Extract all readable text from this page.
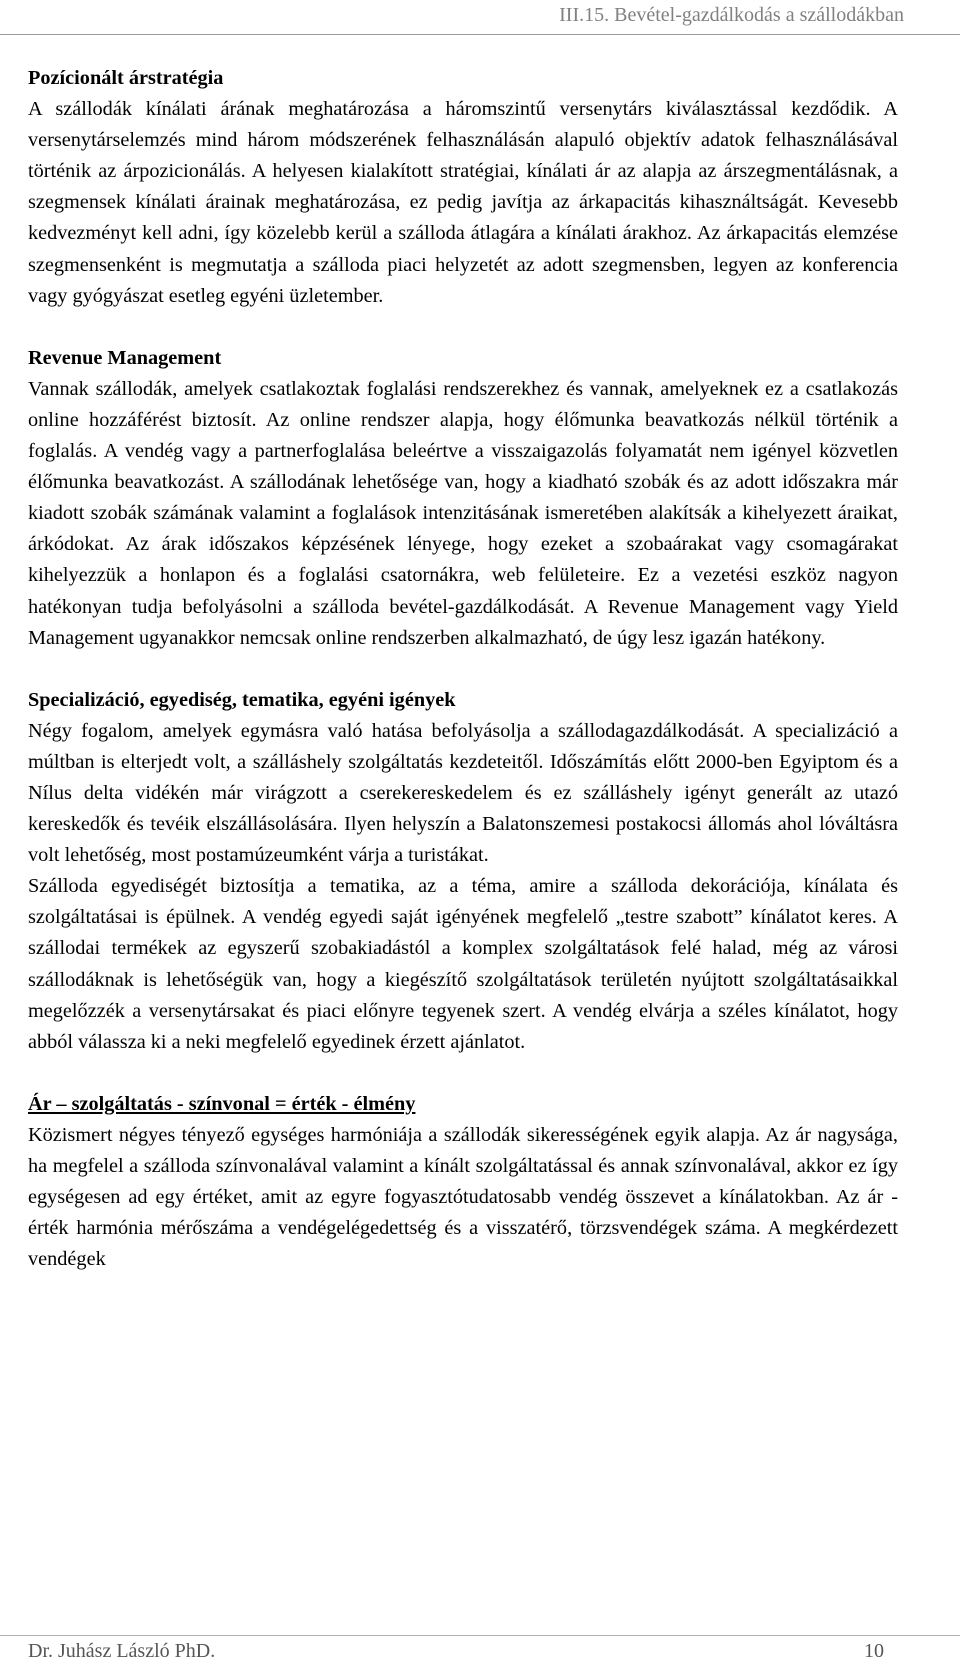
III.15. Bevétel-gazdálkodás a szállodákban

Pozícionált árstratégia

A szállodák kínálati árának meghatározása a háromszintű versenytárs kiválasztással kezdődik. A versenytárselemzés mind három módszerének felhasználásán alapuló objektív adatok felhasználásával történik az árpozicionálás. A helyesen kialakított stratégiai, kínálati ár az alapja az árszegmentálásnak, a szegmensek kínálati árainak meghatározása, ez pedig javítja az árkapacitás kihasználtságát. Kevesebb kedvezményt kell adni, így közelebb kerül a szálloda átlagára a kínálati árakhoz. Az árkapacitás elemzése szegmensenként is megmutatja a szálloda piaci helyzetét az adott szegmensben, legyen az konferencia vagy gyógyászat esetleg egyéni üzletember.

Revenue Management

Vannak szállodák, amelyek csatlakoztak foglalási rendszerekhez és vannak, amelyeknek ez a csatlakozás online hozzáférést biztosít. Az online rendszer alapja, hogy élőmunka beavatkozás nélkül történik a foglalás. A vendég vagy a partnerfoglalása beleértve a visszaigazolás folyamatát nem igényel közvetlen élőmunka beavatkozást. A szállodának lehetősége van, hogy a kiadható szobák és az adott időszakra már kiadott szobák számának valamint a foglalások intenzitásának ismeretében alakítsák a kihelyezett áraikat, árkódokat. Az árak időszakos képzésének lényege, hogy ezeket a szobaárakat vagy csomagárakat kihelyezzük a honlapon és a foglalási csatornákra, web felületeire. Ez a vezetési eszköz nagyon hatékonyan tudja befolyásolni a szálloda bevétel-gazdálkodását. A Revenue Management vagy Yield Management ugyanakkor nemcsak online rendszerben alkalmazható, de úgy lesz igazán hatékony.

Specializáció, egyediség, tematika, egyéni igények

Négy fogalom, amelyek egymásra való hatása befolyásolja a szállodagazdálkodását. A specializáció a múltban is elterjedt volt, a szálláshely szolgáltatás kezdeteitől. Időszámítás előtt 2000-ben Egyiptom és a Nílus delta vidékén már virágzott a cserekereskedelem és ez szálláshely igényt generált az utazó kereskedők és tevéik elszállásolására. Ilyen helyszín a Balatonszemesi postakocsi állomás ahol lóváltásra volt lehetőség, most postamúzeumként várja a turistákat.

Szálloda egyediségét biztosítja a tematika, az a téma, amire a szálloda dekorációja, kínálata és szolgáltatásai is épülnek. A vendég egyedi saját igényének megfelelő „testre szabott” kínálatot keres. A szállodai termékek az egyszerű szobakiadástól a komplex szolgáltatások felé halad, még az városi szállodáknak is lehetőségük van, hogy a kiegészítő szolgáltatások területén nyújtott szolgáltatásaikkal megelőzzék a versenytársakat és piaci előnyre tegyenek szert. A vendég elvárja a széles kínálatot, hogy abból válassza ki a neki megfelelő egyedinek érzett ajánlatot.

Ár – szolgáltatás - színvonal = érték - élmény

Közismert négyes tényező egységes harmóniája a szállodák sikerességének egyik alapja. Az ár nagysága, ha megfelel a szálloda színvonalával valamint a kínált szolgáltatással és annak színvonalával, akkor ez így egységesen ad egy értéket, amit az egyre fogyasztótudatosabb vendég összevet a kínálatokban. Az ár - érték harmónia mérőszáma a vendégelégedettség és a visszatérő, törzsvendégek száma. A megkérdezett vendégek

Dr. Juhász László PhD.	10
